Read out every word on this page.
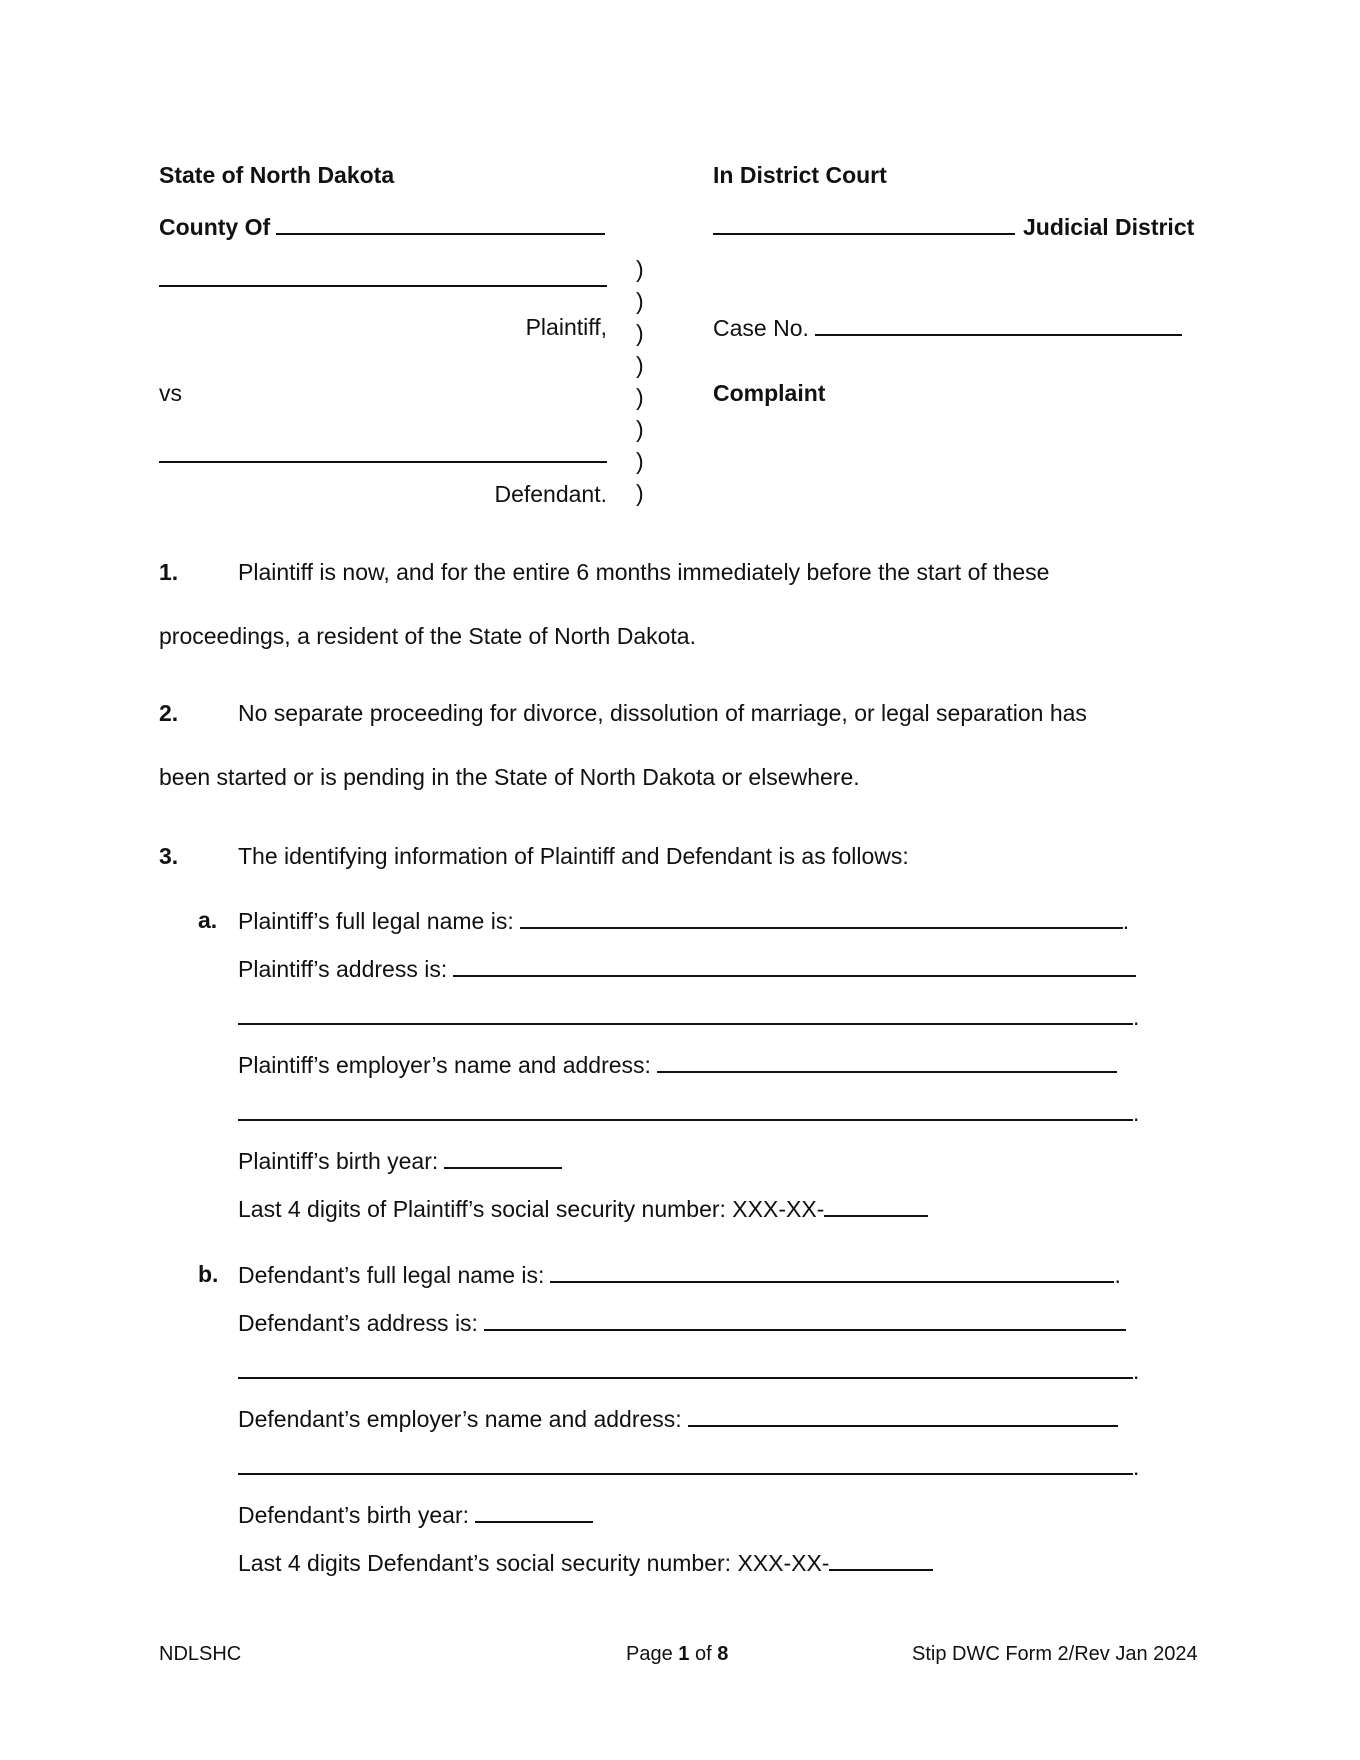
State of North Dakota	In District Court
County Of	Judicial District
Plaintiff,
vs
Defendant.
)
)
)
)
)
)
)
)
Case No.
Complaint
1.	Plaintiff is now, and for the entire 6 months immediately before the start of these
proceedings, a resident of the State of North Dakota.
2.	No separate proceeding for divorce, dissolution of marriage, or legal separation has
been started or is pending in the State of North Dakota or elsewhere.
3.	The identifying information of Plaintiff and Defendant is as follows:
a. Plaintiff’s full legal name is:	.
Plaintiff’s address is:
.
Plaintiff’s employer’s name and address:
.
Plaintiff’s birth year:
Last 4 digits of Plaintiff’s social security number: XXX-XX-
b. Defendant’s full legal name is:	.
Defendant’s address is:
.
Defendant’s employer’s name and address:
.
Defendant’s birth year:
Last 4 digits Defendant’s social security number: XXX-XX-
NDLSHC	Page 1 of 8	Stip DWC Form 2/Rev Jan 2024
